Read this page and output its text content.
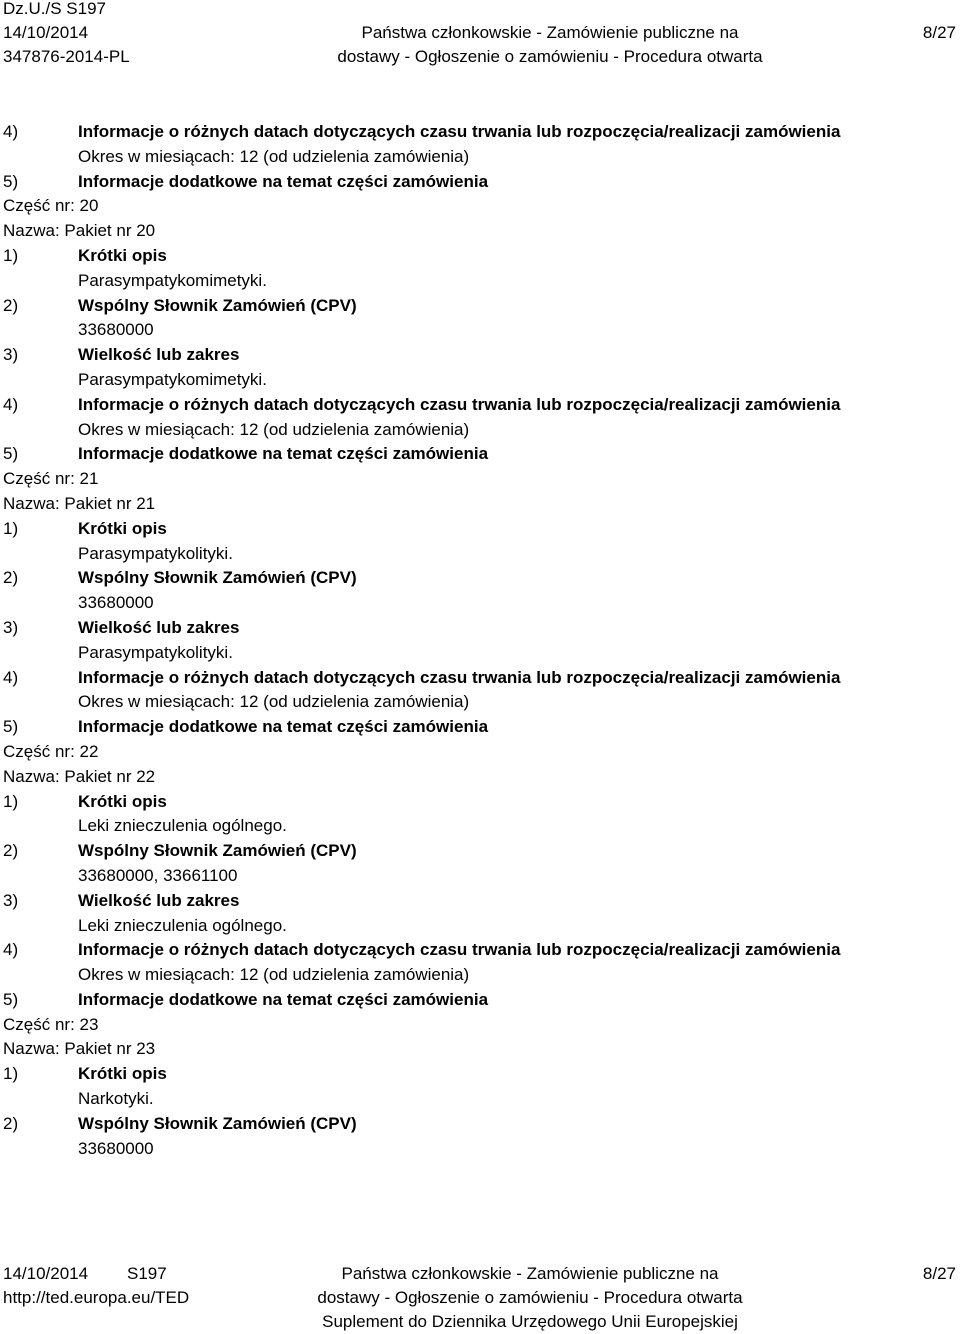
Dz.U./S S197
14/10/2014
347876-2014-PL
Państwa członkowskie - Zamówienie publiczne na
dostawy - Ogłoszenie o zamówieniu - Procedura otwarta
8/27
4)	Informacje o różnych datach dotyczących czasu trwania lub rozpoczęcia/realizacji zamówienia
Okres w miesiącach: 12 (od udzielenia zamówienia)
5)	Informacje dodatkowe na temat części zamówienia
Część nr: 20
Nazwa: Pakiet nr 20
1)	Krótki opis
Parasympatykomimetyki.
2)	Wspólny Słownik Zamówień (CPV)
33680000
3)	Wielkość lub zakres
Parasympatykomimetyki.
4)	Informacje o różnych datach dotyczących czasu trwania lub rozpoczęcia/realizacji zamówienia
Okres w miesiącach: 12 (od udzielenia zamówienia)
5)	Informacje dodatkowe na temat części zamówienia
Część nr: 21
Nazwa: Pakiet nr 21
1)	Krótki opis
Parasympatykolityki.
2)	Wspólny Słownik Zamówień (CPV)
33680000
3)	Wielkość lub zakres
Parasympatykolityki.
4)	Informacje o różnych datach dotyczących czasu trwania lub rozpoczęcia/realizacji zamówienia
Okres w miesiącach: 12 (od udzielenia zamówienia)
5)	Informacje dodatkowe na temat części zamówienia
Część nr: 22
Nazwa: Pakiet nr 22
1)	Krótki opis
Leki znieczulenia ogólnego.
2)	Wspólny Słownik Zamówień (CPV)
33680000, 33661100
3)	Wielkość lub zakres
Leki znieczulenia ogólnego.
4)	Informacje o różnych datach dotyczących czasu trwania lub rozpoczęcia/realizacji zamówienia
Okres w miesiącach: 12 (od udzielenia zamówienia)
5)	Informacje dodatkowe na temat części zamówienia
Część nr: 23
Nazwa: Pakiet nr 23
1)	Krótki opis
Narkotyki.
2)	Wspólny Słownik Zamówień (CPV)
33680000
14/10/2014 S197
http://ted.europa.eu/TED
Państwa członkowskie - Zamówienie publiczne na
dostawy - Ogłoszenie o zamówieniu - Procedura otwarta
Suplement do Dziennika Urzędowego Unii Europejskiej
8/27
